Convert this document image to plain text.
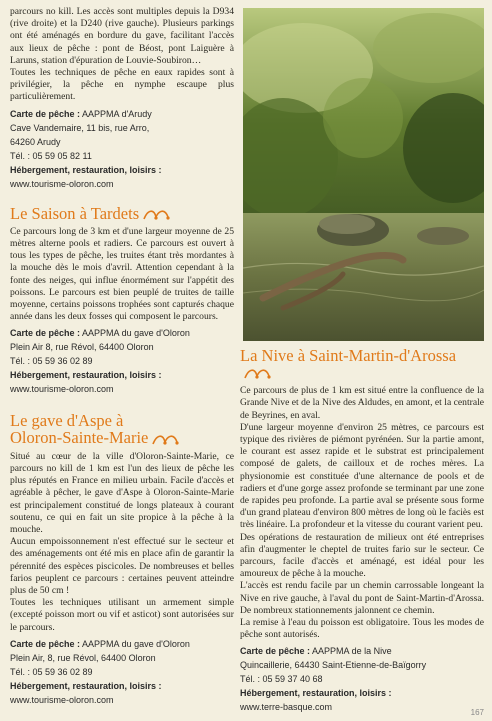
parcours no kill. Les accès sont multiples depuis la D934 (rive droite) et la D240 (rive gauche). Plusieurs parkings ont été aménagés en bordure du gave, facilitant l'accès aux lieux de pêche : pont de Béost, pont Laiguère à Laruns, station d'épuration de Louvie-Soubiron…

Toutes les techniques de pêche en eaux rapides sont à privilégier, la pêche en nymphe escaupe plus particulièrement.

Carte de pêche : AAPPMA d'Arudy
Cave Vandemaire, 11 bis, rue Arro,
64260 Arudy
Tél. : 05 59 05 82 11
Hébergement, restauration, loisirs :
www.tourisme-oloron.com
Le Saison à Tardets

Ce parcours long de 3 km et d'une largeur moyenne de 25 mètres alterne pools et radiers. Ce parcours est ouvert à tous les types de pêche, les truites étant très mordantes à la mouche dès le mois d'avril. Attention cependant à la fonte des neiges, qui influe énormément sur l'appétit des poissons. Le parcours est bien peuplé de truites de taille moyenne, certains poissons trophées sont capturés chaque année dans les deux fosses qui composent le parcours.

Carte de pêche : AAPPMA du gave d'Oloron
Plein Air 8, rue Révol, 64400 Oloron
Tél. : 05 59 36 02 89
Hébergement, restauration, loisirs :
www.tourisme-oloron.com
Le gave d'Aspe à
Oloron-Sainte-Marie

Situé au cœur de la ville d'Oloron-Sainte-Marie, ce parcours no kill de 1 km est l'un des lieux de pêche les plus réputés en France en milieu urbain. Facile d'accès et agréable à pêcher, le gave d'Aspe à Oloron-Sainte-Marie est principalement constitué de longs plateaux à courant soutenu, ce qui en fait un site propice à la pêche à la mouche.

Aucun empoissonnement n'est effectué sur le secteur et des aménagements ont été mis en place afin de garantir la pérennité des espèces piscicoles. De nombreuses et belles farios peuplent ce parcours : certaines peuvent atteindre plus de 50 cm !

Toutes les techniques utilisant un armement simple (excepté poisson mort ou vif et asticot) sont autorisées sur le parcours.

Carte de pêche : AAPPMA du gave d'Oloron
Plein Air, 8, rue Révol, 64400 Oloron
Tél. : 05 59 36 02 89
Hébergement, restauration, loisirs :
www.tourisme-oloron.com
La Nive à Saint-Martin-d'Arossa

Ce parcours de plus de 1 km est situé entre la confluence de la Grande Nive et de la Nive des Aldudes, en amont, et la centrale de Beyrines, en aval.

D'une largeur moyenne d'environ 25 mètres, ce parcours est typique des rivières de piémont pyrénéen. Sur la partie amont, le courant est assez rapide et le substrat est principalement composé de galets, de cailloux et de roches mères. La physionomie est constituée d'une alternance de pools et de radiers et d'une gorge assez profonde se terminant par une zone de rapides peu profonde. La partie aval se présente sous forme d'un grand plateau d'environ 800 mètres de long où le faciès est très linéaire. La profondeur et la vitesse du courant varient peu.

Des opérations de restauration de milieux ont été entreprises afin d'augmenter le cheptel de truites fario sur le secteur. Ce parcours, facile d'accès et aménagé, est idéal pour les amoureux de pêche à la mouche.

L'accès est rendu facile par un chemin carrossable longeant la Nive en rive gauche, à l'aval du pont de Saint-Martin-d'Arossa. De nombreux stationnements jalonnent ce chemin.

La remise à l'eau du poisson est obligatoire. Tous les modes de pêche sont autorisés.

Carte de pêche : AAPPMA de la Nive
Quincaillerie, 64430 Saint-Etienne-de-Baïgorry
Tél. : 05 59 37 40 68
Hébergement, restauration, loisirs :
www.terre-basque.com
167
